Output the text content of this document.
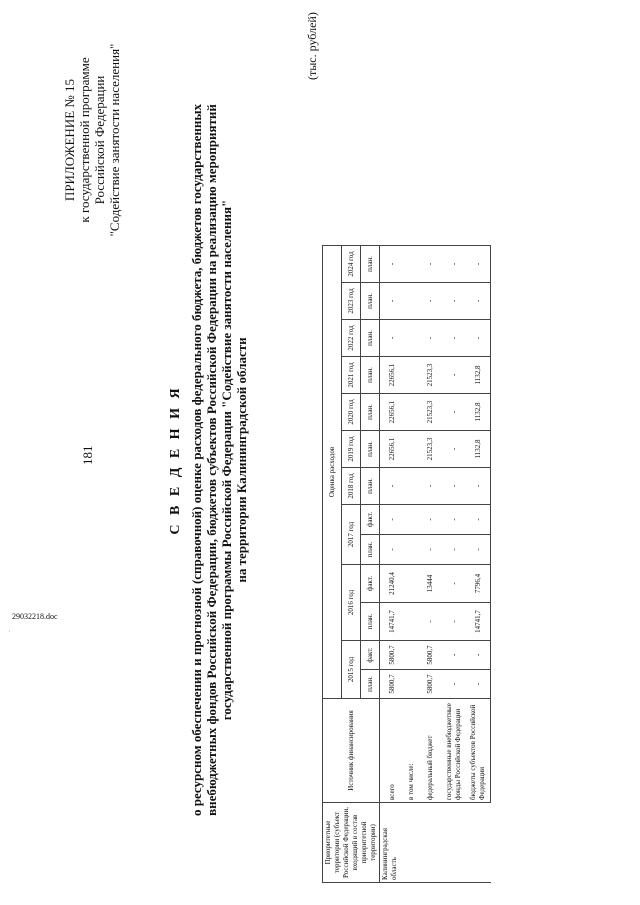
181
ПРИЛОЖЕНИЕ № 15 к государственной программе Российской Федерации "Содействие занятости населения"
С В Е Д Е Н И Я о ресурсном обеспечении и прогнозной (справочной) оценке расходов федерального бюджета, бюджетов государственных внебюджетных фондов Российской Федерации, бюджетов субъектов Российской Федерации на реализацию мероприятий государственной программы Российской Федерации "Содействие занятости населения" на территории Калининградской области
(тыс. рублей)
Приоритетные территории (субъект Российской Федерации, входящий в состав приоритетной территории)	Источник финансирования	Оценка расходов												
		2015 год		2016 год		2017 год		2018 год	2019 год	2020 год	2021 год	2022 год	2023 год	2024 год
		план.	факт.	план.	факт.	план.	факт.	план.	план.	план.	план.	план.	план.	план.
Калининградская область	всего	5800,7	5800,7	14741,7	21240,4	-	-	-	22656,1	22656,1	22656,1	-	-	-
	в том числе:													
	федеральный бюджет	5800,7	5800,7	-	13444	-	-	-	21523,3	21523,3	21523,3	-	-	-
	государственные внебюджетные фонды Российской Федерации	-	-	-	-	-	-	-	-	-	-	-	-	-
	бюджеты субъектов Российской Федерации	-	-	14741,7	7796,4	-	-	-	1132,8	1132,8	1132,8	-	-	-
29032218.doc
·
